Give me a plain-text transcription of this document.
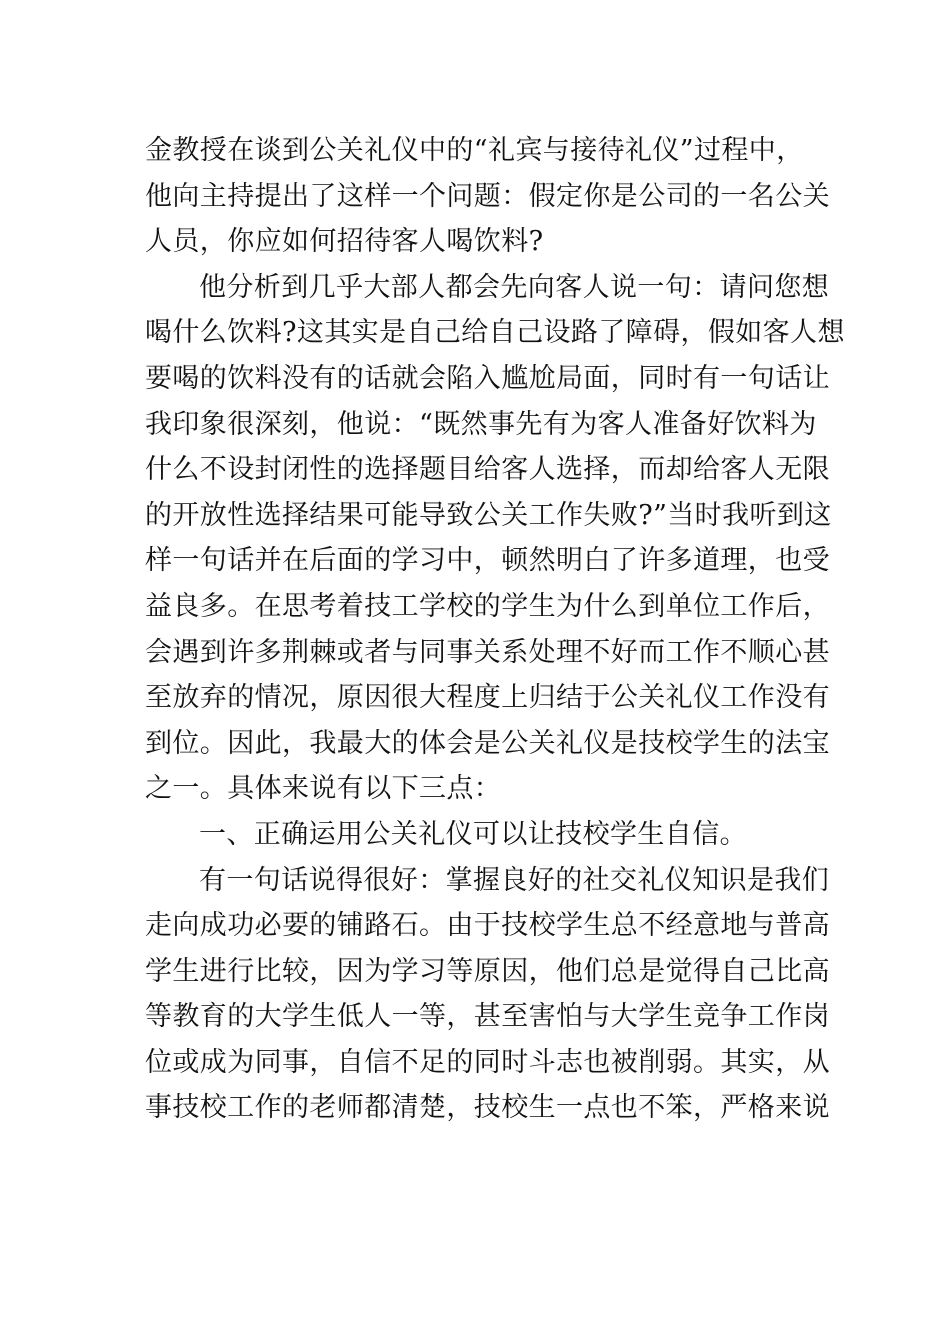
金教授在谈到公关礼仪中的“礼宾与接待礼仪”过程中，
他向主持提出了这样一个问题：假定你是公司的一名公关
人员，你应如何招待客人喝饮料?
他分析到几乎大部人都会先向客人说一句：请问您想
喝什么饮料?这其实是自己给自己设路了障碍，假如客人想
要喝的饮料没有的话就会陷入尴尬局面，同时有一句话让
我印象很深刻，他说：“既然事先有为客人准备好饮料为
什么不设封闭性的选择题目给客人选择，而却给客人无限
的开放性选择结果可能导致公关工作失败?”当时我听到这
样一句话并在后面的学习中，顿然明白了许多道理，也受
益良多。在思考着技工学校的学生为什么到单位工作后，
会遇到许多荆棘或者与同事关系处理不好而工作不顺心甚
至放弃的情况，原因很大程度上归结于公关礼仪工作没有
到位。因此，我最大的体会是公关礼仪是技校学生的法宝
之一。具体来说有以下三点：
一、正确运用公关礼仪可以让技校学生自信。
有一句话说得很好：掌握良好的社交礼仪知识是我们
走向成功必要的铺路石。由于技校学生总不经意地与普高
学生进行比较，因为学习等原因，他们总是觉得自己比高
等教育的大学生低人一等，甚至害怕与大学生竞争工作岗
位或成为同事，自信不足的同时斗志也被削弱。其实，从
事技校工作的老师都清楚，技校生一点也不笨，严格来说
